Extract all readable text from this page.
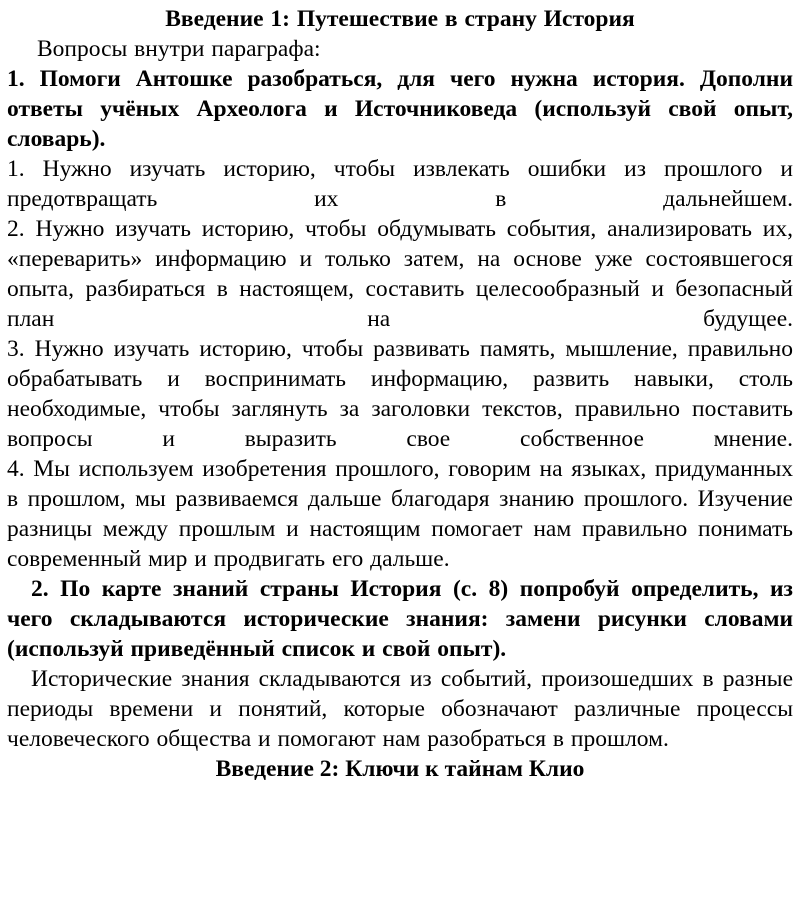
Введение 1: Путешествие в страну История

Вопросы внутри параграфа:

1. Помоги Антошке разобраться, для чего нужна история. Дополни ответы учёных Археолога и Источниковеда (используй свой опыт, словарь).

1. Нужно изучать историю, чтобы извлекать ошибки из прошлого и предотвращать их в дальнейшем.

2. Нужно изучать историю, чтобы обдумывать события, анализировать их, «переварить» информацию и только затем, на основе уже состоявшегося опыта, разбираться в настоящем, составить целесообразный и безопасный план на будущее.

3. Нужно изучать историю, чтобы развивать память, мышление, правильно обрабатывать и воспринимать информацию, развить навыки, столь необходимые, чтобы заглянуть за заголовки текстов, правильно поставить вопросы и выразить свое собственное мнение.

4. Мы используем изобретения прошлого, говорим на языках, придуманных в прошлом, мы развиваемся дальше благодаря знанию прошлого. Изучение разницы между прошлым и настоящим помогает нам правильно понимать современный мир и продвигать его дальше.

2. По карте знаний страны История (с. 8) попробуй определить, из чего складываются исторические знания: замени рисунки словами (используй приведённый список и свой опыт).

Исторические знания складываются из событий, произошедших в разные периоды времени и понятий, которые обозначают различные процессы человеческого общества и помогают нам разобраться в прошлом.

Введение 2: Ключи к тайнам Клио
